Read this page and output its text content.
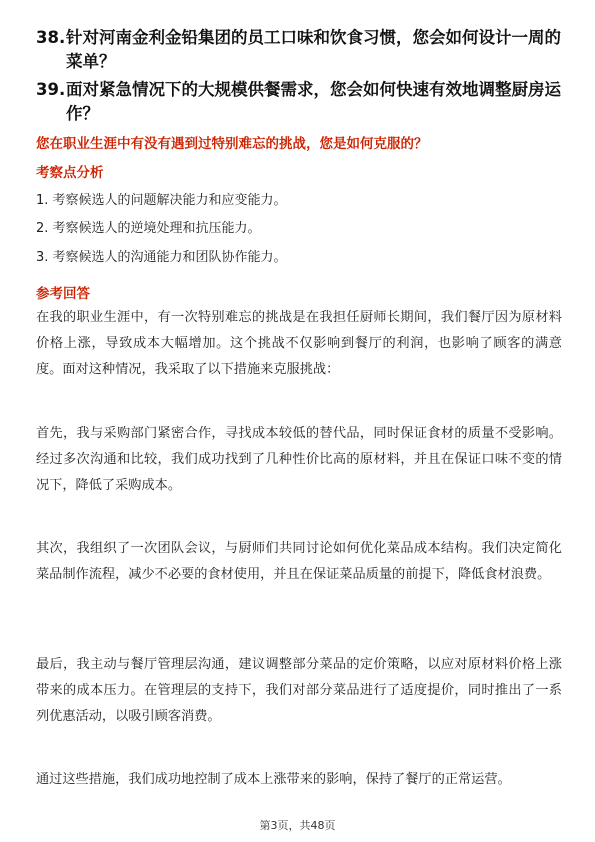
38. 针对河南金利金铅集团的员工口味和饮食习惯，您会如何设计一周的菜单？
39. 面对紧急情况下的大规模供餐需求，您会如何快速有效地调整厨房运作？
您在职业生涯中有没有遇到过特别难忘的挑战，您是如何克服的？
考察点分析
1. 考察候选人的问题解决能力和应变能力。
2. 考察候选人的逆境处理和抗压能力。
3. 考察候选人的沟通能力和团队协作能力。
参考回答
在我的职业生涯中，有一次特别难忘的挑战是在我担任厨师长期间，我们餐厅因为原材料价格上涨，导致成本大幅增加。这个挑战不仅影响到餐厅的利润，也影响了顾客的满意度。面对这种情况，我采取了以下措施来克服挑战：
首先，我与采购部门紧密合作，寻找成本较低的替代品，同时保证食材的质量不受影响。经过多次沟通和比较，我们成功找到了几种性价比高的原材料，并且在保证口味不变的情况下，降低了采购成本。
其次，我组织了一次团队会议，与厨师们共同讨论如何优化菜品成本结构。我们决定简化菜品制作流程，减少不必要的食材使用，并且在保证菜品质量的前提下，降低食材浪费。
最后，我主动与餐厅管理层沟通，建议调整部分菜品的定价策略，以应对原材料价格上涨带来的成本压力。在管理层的支持下，我们对部分菜品进行了适度提价，同时推出了一系列优惠活动，以吸引顾客消费。
通过这些措施，我们成功地控制了成本上涨带来的影响，保持了餐厅的正常运营。
第3页，共48页
